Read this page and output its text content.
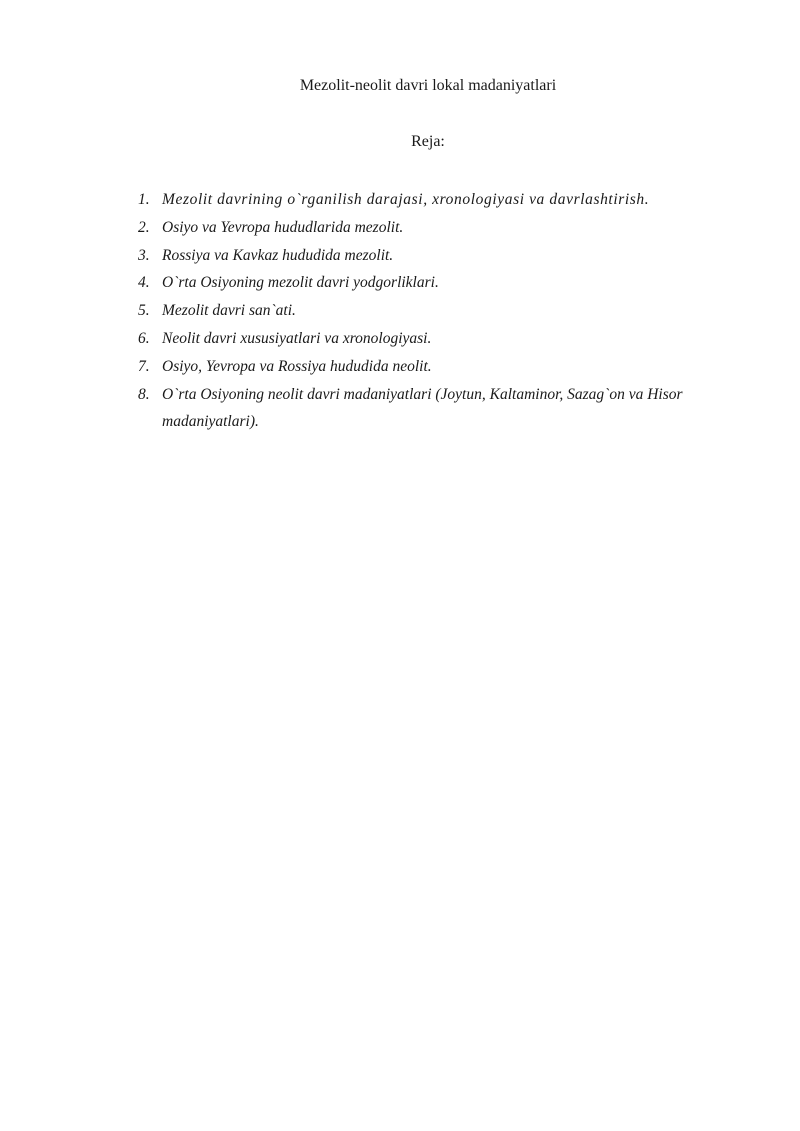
Mezolit-neolit davri lokal madaniyatlari
Reja:
1. Mezolit davrining o`rganilish darajasi, xronologiyasi va davrlashtirish.
2. Osiyo va Yevropa hududlarida mezolit.
3. Rossiya va Kavkaz hududida mezolit.
4. O`rta Osiyoning mezolit davri yodgorliklari.
5. Mezolit davri san`ati.
6. Neolit davri xususiyatlari va xronologiyasi.
7. Osiyo, Yevropa va Rossiya hududida neolit.
8. O`rta Osiyoning neolit davri madaniyatlari (Joytun, Kaltaminor, Sazag`on va Hisor madaniyatlari).
